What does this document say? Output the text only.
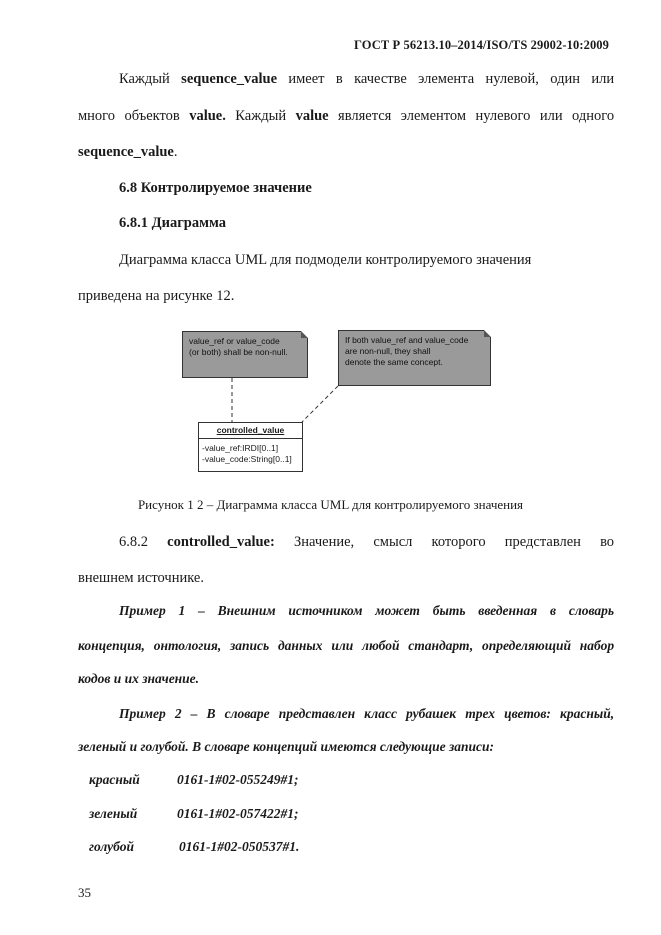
ГОСТ Р 56213.10–2014/ISO/TS 29002-10:2009
Каждый sequence_value имеет в качестве элемента нулевой, один или
много объектов value. Каждый value является элементом нулевого или одного
sequence_value.
6.8 Контролируемое значение
6.8.1 Диаграмма
Диаграмма класса UML для подмодели контролируемого значения
приведена на рисунке 12.
value_ref or value_code
(or both) shall be non-null.
If both value_ref and value_code
are non-null, they shall
denote the same concept.
controlled_value
-value_ref:IRDI[0..1]
-value_code:String[0..1]
Рисунок 1 2 – Диаграмма класса UML для контролируемого значения
6.8.2 controlled_value: Значение, смысл которого представлен во
внешнем источнике.
Пример 1 – Внешним источником может быть введенная в словарь
концепция, онтология, запись данных или любой стандарт, определяющий набор
кодов и их значение.
Пример 2 – В словаре представлен класс рубашек трех цветов: красный,
зеленый и голубой. В словаре концепций имеются следующие записи:
красный	0161-1#02-055249#1;
зеленый	0161-1#02-057422#1;
голубой	0161-1#02-050537#1.
35
